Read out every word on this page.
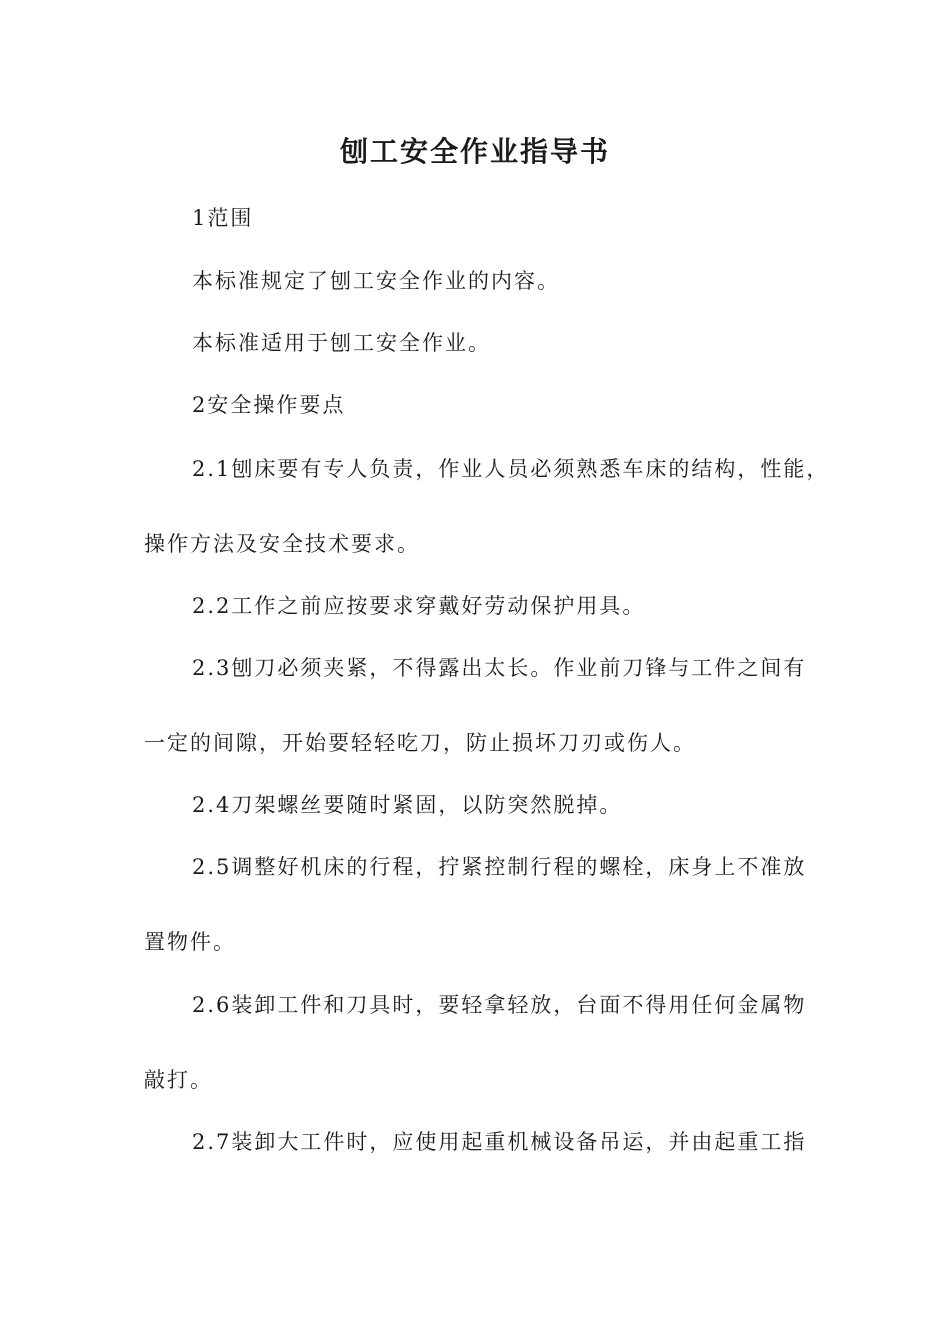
刨工安全作业指导书
1范围
本标准规定了刨工安全作业的内容。
本标准适用于刨工安全作业。
2安全操作要点
2.1刨床要有专人负责，作业人员必须熟悉车床的结构，性能，
操作方法及安全技术要求。
2.2工作之前应按要求穿戴好劳动保护用具。
2.3刨刀必须夹紧，不得露出太长。作业前刀锋与工件之间有
一定的间隙，开始要轻轻吃刀，防止损坏刀刃或伤人。
2.4刀架螺丝要随时紧固，以防突然脱掉。
2.5调整好机床的行程，拧紧控制行程的螺栓，床身上不准放
置物件。
2.6装卸工件和刀具时，要轻拿轻放，台面不得用任何金属物
敲打。
2.7装卸大工件时，应使用起重机械设备吊运，并由起重工指
